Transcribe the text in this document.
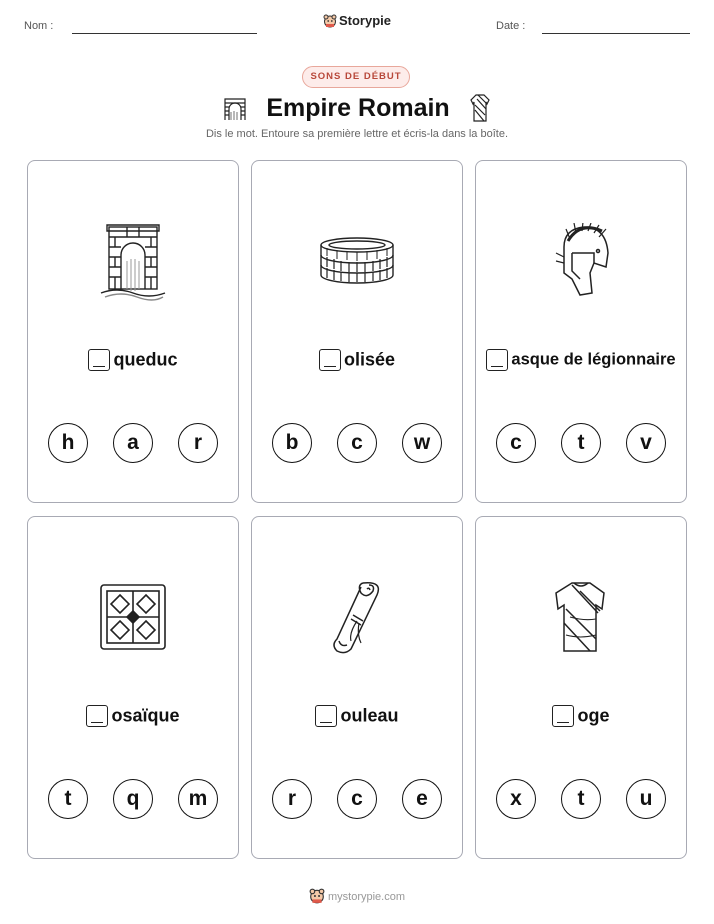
Nom :	Storypie	Date :
SONS DE DÉBUT
Empire Romain
Dis le mot. Entoure sa première lettre et écris-la dans la boîte.
queduc
h	a	r
olisée
b	c	w
asque de légionnaire
c	t	v
osaïque
t	q	m
ouleau
r	c	e
oge
x	t	u
mystorypie.com
